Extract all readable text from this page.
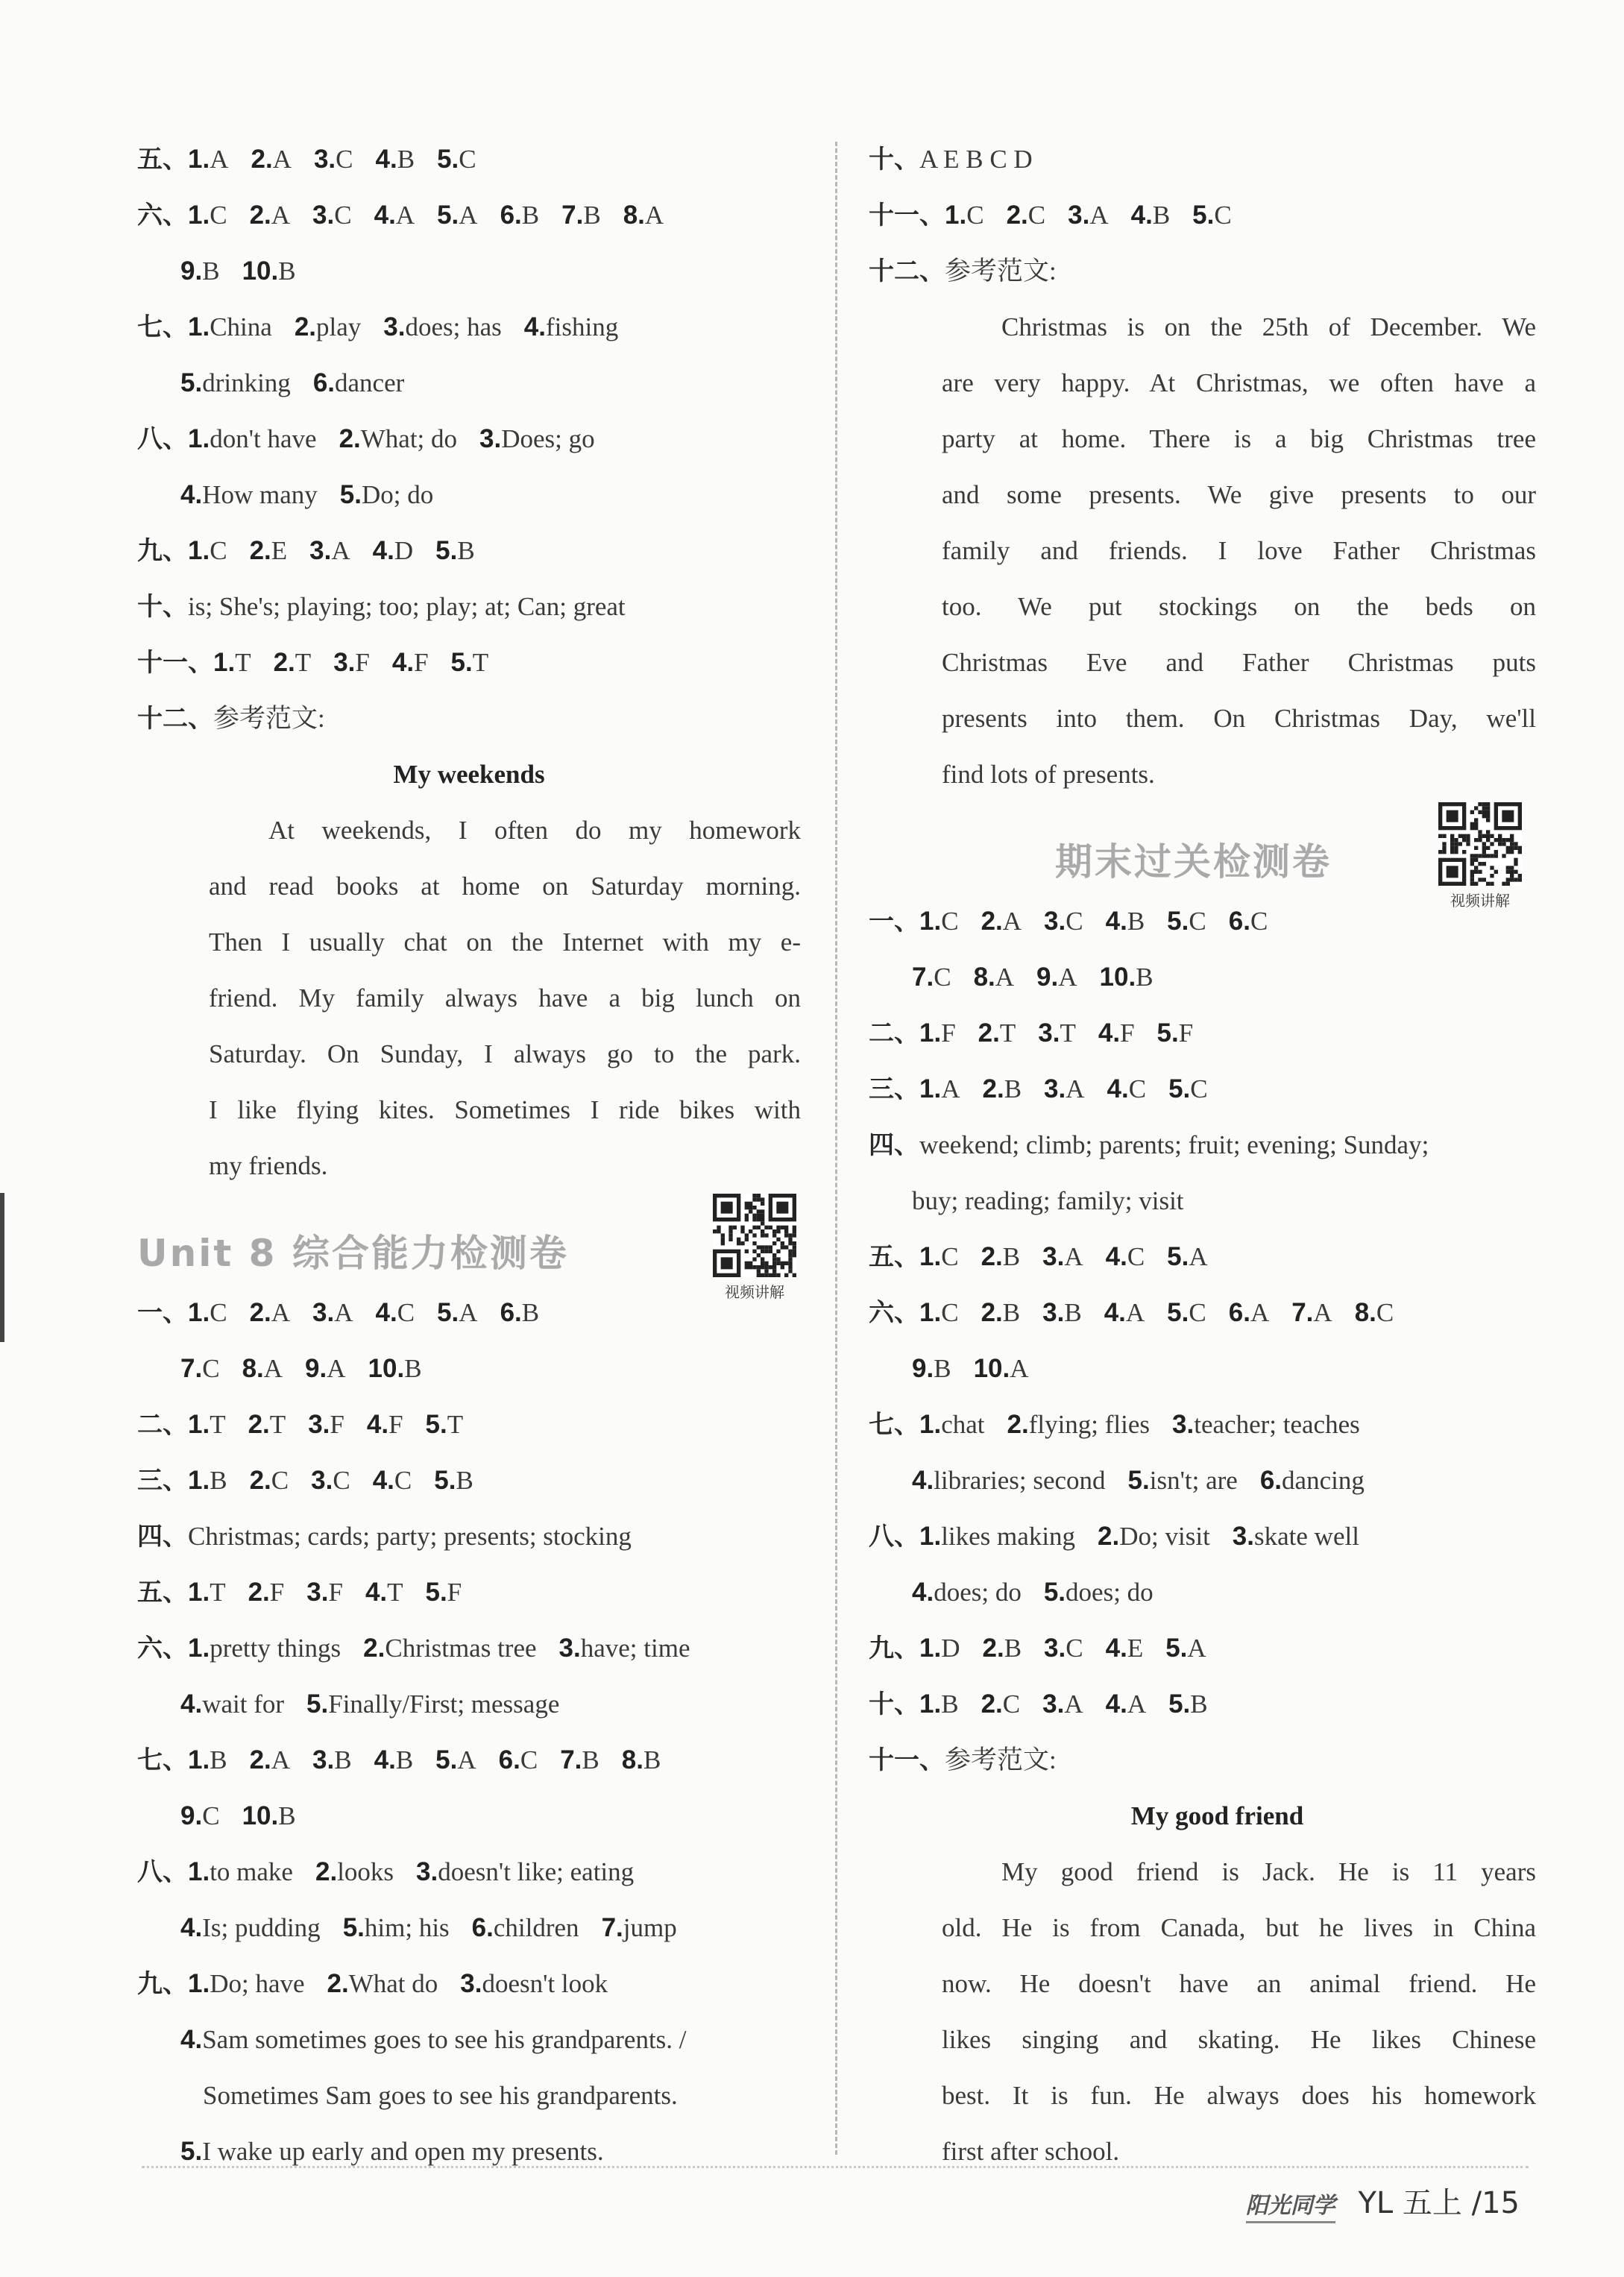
五、1.A 2.A 3.C 4.B 5.C
六、1.C 2.A 3.C 4.A 5.A 6.B 7.B 8.A
9.B 10.B
七、1.China 2.play 3.does; has 4.fishing
5.drinking 6.dancer
八、1.don't have 2.What; do 3.Does; go
4.How many 5.Do; do
九、1.C 2.E 3.A 4.D 5.B
十、is; She's; playing; too; play; at; Can; great
十一、1.T 2.T 3.F 4.F 5.T
十二、参考范文:
My weekends
At weekends, I often do my homework
and read books at home on Saturday morning.
Then I usually chat on the Internet with my e-
friend. My family always have a big lunch on
Saturday. On Sunday, I always go to the park.
I like flying kites. Sometimes I ride bikes with
my friends.
Unit 8 综合能力检测卷
视频讲解
一、1.C 2.A 3.A 4.C 5.A 6.B
7.C 8.A 9.A 10.B
二、1.T 2.T 3.F 4.F 5.T
三、1.B 2.C 3.C 4.C 5.B
四、Christmas; cards; party; presents; stocking
五、1.T 2.F 3.F 4.T 5.F
六、1.pretty things 2.Christmas tree 3.have; time
4.wait for 5.Finally/First; message
七、1.B 2.A 3.B 4.B 5.A 6.C 7.B 8.B
9.C 10.B
八、1.to make 2.looks 3.doesn't like; eating
4.Is; pudding 5.him; his 6.children 7.jump
九、1.Do; have 2.What do 3.doesn't look
4.Sam sometimes goes to see his grandparents. /
Sometimes Sam goes to see his grandparents.
5.I wake up early and open my presents.
十、A E B C D
十一、1.C 2.C 3.A 4.B 5.C
十二、参考范文:
Christmas is on the 25th of December. We
are very happy. At Christmas, we often have a
party at home. There is a big Christmas tree
and some presents. We give presents to our
family and friends. I love Father Christmas
too. We put stockings on the beds on
Christmas Eve and Father Christmas puts
presents into them. On Christmas Day, we'll
find lots of presents.
期末过关检测卷
视频讲解
一、1.C 2.A 3.C 4.B 5.C 6.C
7.C 8.A 9.A 10.B
二、1.F 2.T 3.T 4.F 5.F
三、1.A 2.B 3.A 4.C 5.C
四、weekend; climb; parents; fruit; evening; Sunday;
buy; reading; family; visit
五、1.C 2.B 3.A 4.C 5.A
六、1.C 2.B 3.B 4.A 5.C 6.A 7.A 8.C
9.B 10.A
七、1.chat 2.flying; flies 3.teacher; teaches
4.libraries; second 5.isn't; are 6.dancing
八、1.likes making 2.Do; visit 3.skate well
4.does; do 5.does; do
九、1.D 2.B 3.C 4.E 5.A
十、1.B 2.C 3.A 4.A 5.B
十一、参考范文:
My good friend
My good friend is Jack. He is 11 years
old. He is from Canada, but he lives in China
now. He doesn't have an animal friend. He
likes singing and skating. He likes Chinese
best. It is fun. He always does his homework
first after school.
阳光同学 YL 五上 /15
